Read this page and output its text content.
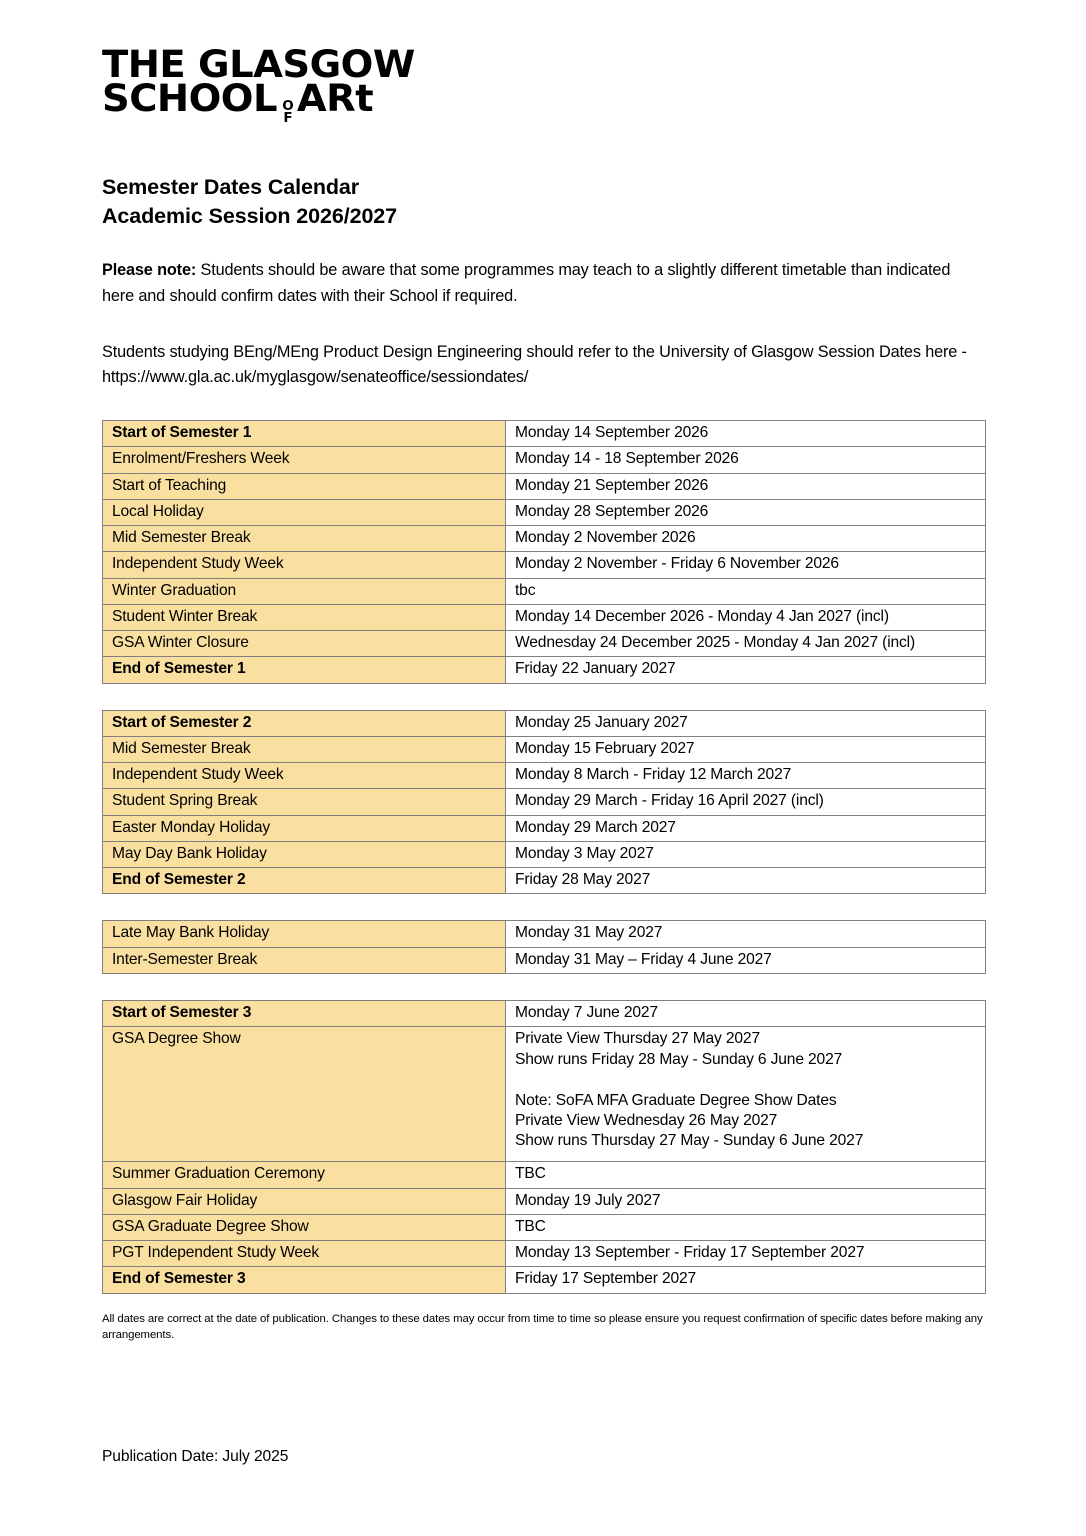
THE GLASGOW
SCHOOL O
F ARt
Semester Dates Calendar
Academic Session 2026/2027

Please note: Students should be aware that some programmes may teach to a slightly different timetable than indicated here and should confirm dates with their School if required.

Students studying BEng/MEng Product Design Engineering should refer to the University of Glasgow Session Dates here - https://www.gla.ac.uk/myglasgow/senateoffice/sessiondates/

Start of Semester 1	Monday 14 September 2026

Enrolment/Freshers Week	Monday 14 - 18 September 2026

Start of Teaching	Monday 21 September 2026

Local Holiday	Monday 28 September 2026

Mid Semester Break	Monday 2 November 2026

Independent Study Week	Monday 2 November - Friday 6 November 2026

Winter Graduation	tbc

Student Winter Break	Monday 14 December 2026 - Monday 4 Jan 2027 (incl)

GSA Winter Closure	Wednesday 24 December 2025 - Monday 4 Jan 2027 (incl)

End of Semester 1	Friday 22 January 2027
Start of Semester 2	Monday 25 January 2027

Mid Semester Break	Monday 15 February 2027

Independent Study Week	Monday 8 March - Friday 12 March 2027

Student Spring Break	Monday 29 March - Friday 16 April 2027 (incl)

Easter Monday Holiday	Monday 29 March 2027

May Day Bank Holiday	Monday 3 May 2027

End of Semester 2	Friday 28 May 2027
Late May Bank Holiday	Monday 31 May 2027

Inter-Semester Break	Monday 31 May – Friday 4 June 2027
Start of Semester 3	Monday 7 June 2027

GSA Degree Show	Private View Thursday 27 May 2027
Show runs Friday 28 May - Sunday 6 June 2027
Note: SoFA MFA Graduate Degree Show Dates
Private View Wednesday 26 May 2027
Show runs Thursday 27 May - Sunday 6 June 2027

Summer Graduation Ceremony	TBC

Glasgow Fair Holiday	Monday 19 July 2027

GSA Graduate Degree Show	TBC

PGT Independent Study Week	Monday 13 September - Friday 17 September 2027

End of Semester 3	Friday 17 September 2027

All dates are correct at the date of publication. Changes to these dates may occur from time to time so please ensure you request confirmation of specific dates before making any arrangements.

Publication Date: July 2025
